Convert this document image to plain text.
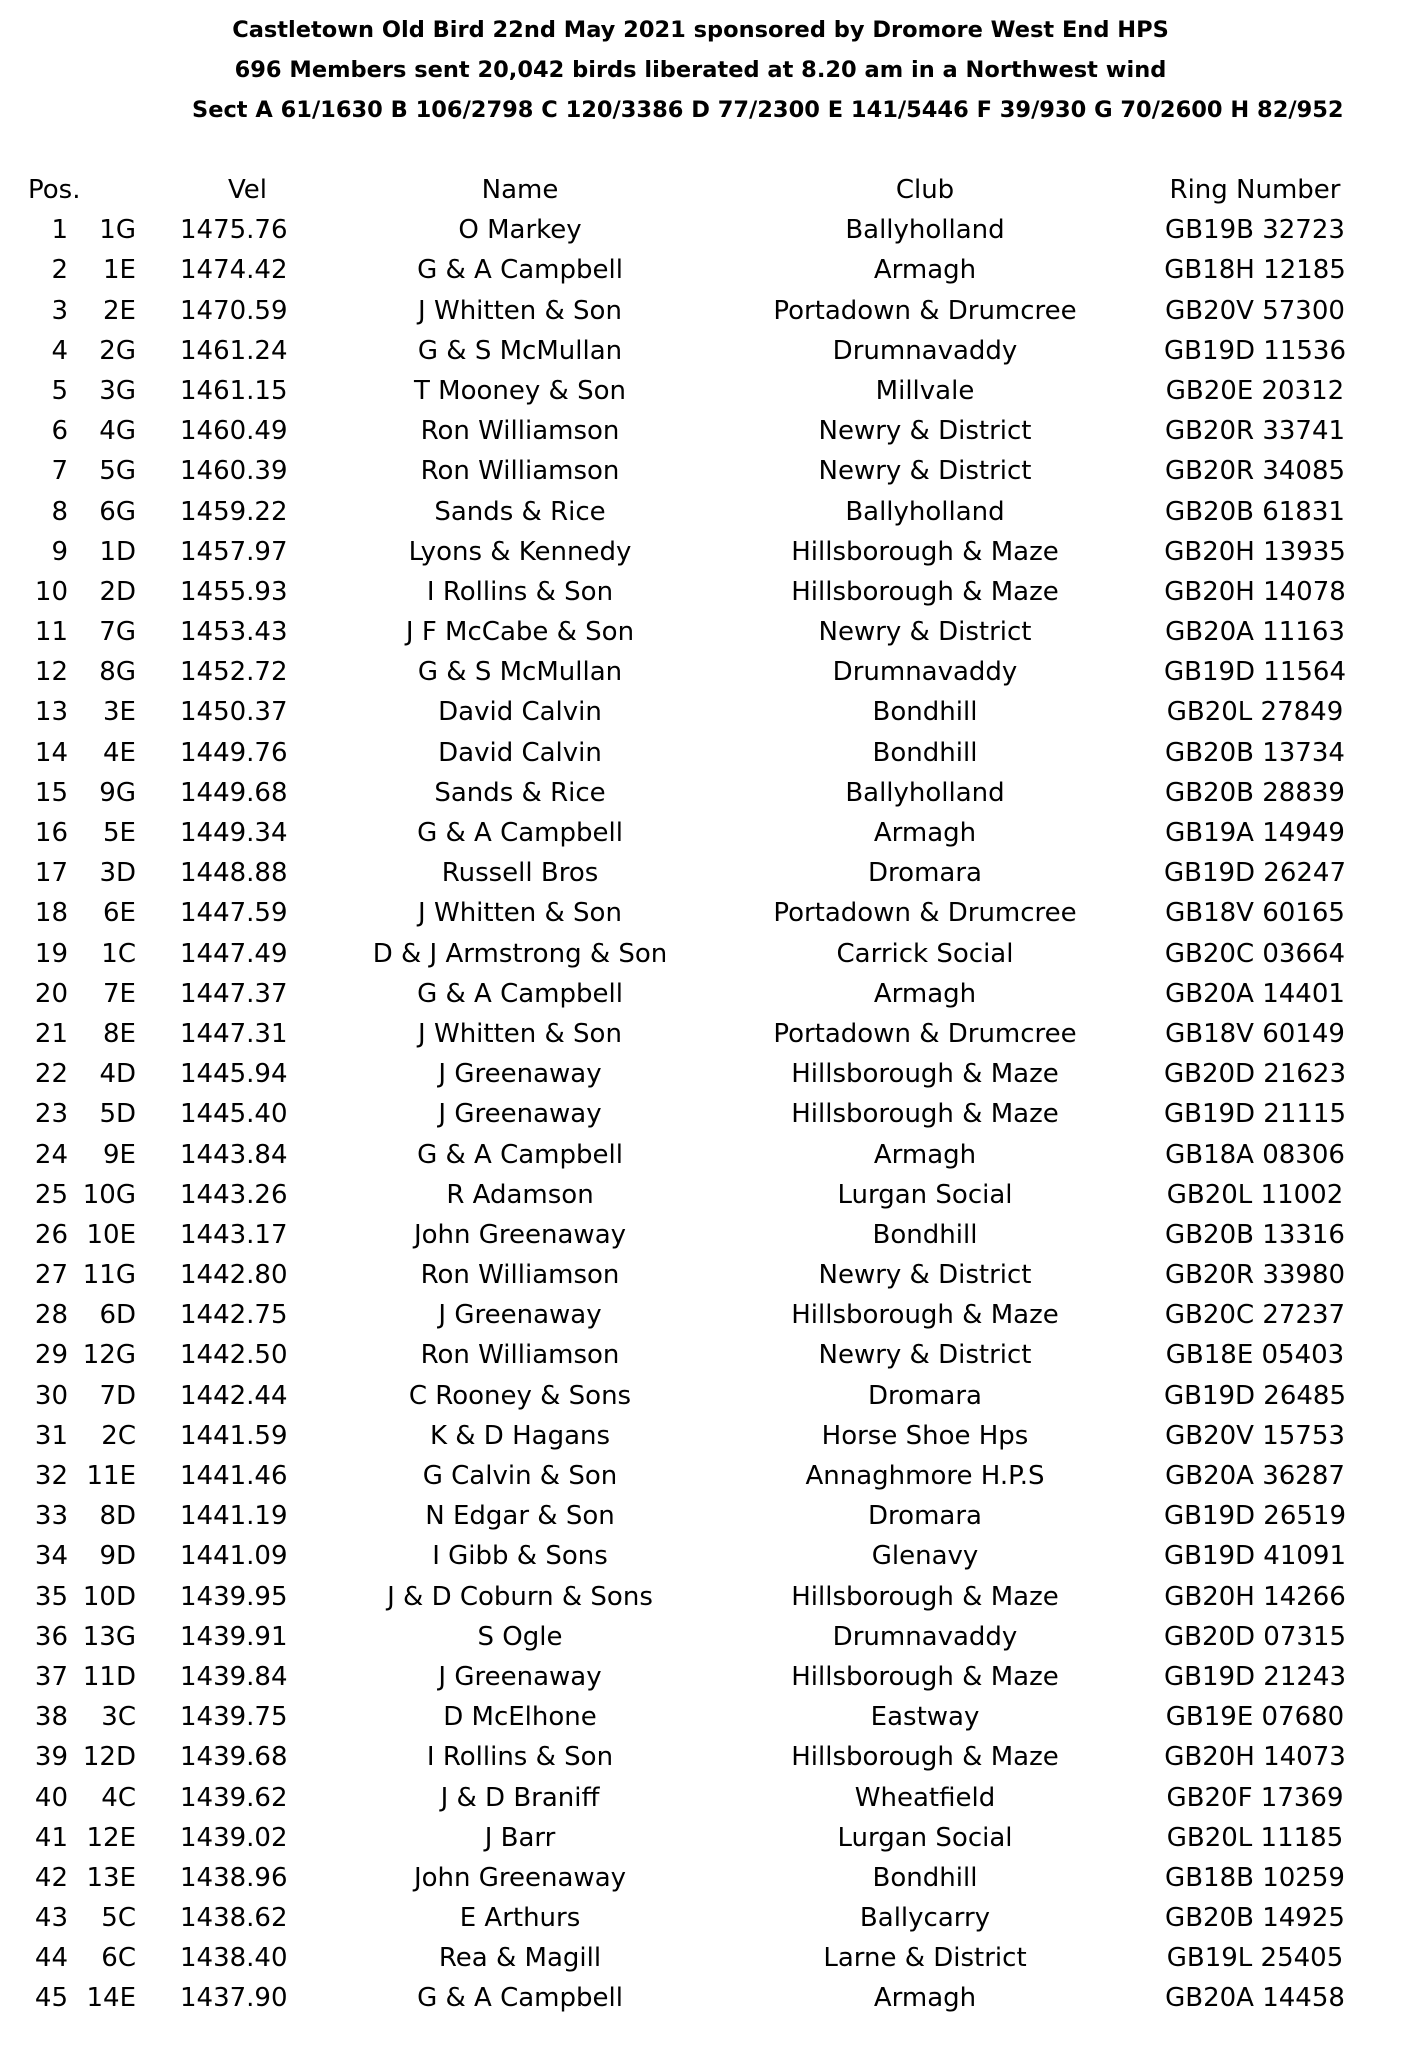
Castletown Old Bird 22nd May 2021 sponsored by Dromore West End HPS
696 Members sent 20,042 birds liberated at 8.20 am in a Northwest wind
Sect A 61/1630 B 106/2798 C 120/3386 D 77/2300 E 141/5446 F 39/930 G 70/2600 H 82/952
Pos.	Vel	Name	Club	Ring Number
1	1G 1475.76	O Markey	Ballyholland	GB19B 32723
2	1E 1474.42	G & A Campbell	Armagh	GB18H 12185
3	2E 1470.59	J Whitten & Son	Portadown & Drumcree	GB20V 57300
4	2G 1461.24	G & S McMullan	Drumnavaddy	GB19D 11536
5	3G 1461.15	T Mooney & Son	Millvale	GB20E 20312
6	4G 1460.49	Ron Williamson	Newry & District	GB20R 33741
7	5G 1460.39	Ron Williamson	Newry & District	GB20R 34085
8	6G 1459.22	Sands & Rice	Ballyholland	GB20B 61831
9	1D 1457.97	Lyons & Kennedy	Hillsborough & Maze	GB20H 13935
10	2D 1455.93	I Rollins & Son	Hillsborough & Maze	GB20H 14078
11	7G 1453.43	J F McCabe & Son	Newry & District	GB20A 11163
12	8G 1452.72	G & S McMullan	Drumnavaddy	GB19D 11564
13	3E 1450.37	David Calvin	Bondhill	GB20L 27849
14	4E 1449.76	David Calvin	Bondhill	GB20B 13734
15	9G 1449.68	Sands & Rice	Ballyholland	GB20B 28839
16	5E 1449.34	G & A Campbell	Armagh	GB19A 14949
17	3D 1448.88	Russell Bros	Dromara	GB19D 26247
18	6E 1447.59	J Whitten & Son	Portadown & Drumcree	GB18V 60165
19	1C 1447.49	D & J Armstrong & Son	Carrick Social	GB20C 03664
20	7E 1447.37	G & A Campbell	Armagh	GB20A 14401
21	8E 1447.31	J Whitten & Son	Portadown & Drumcree	GB18V 60149
22	4D 1445.94	J Greenaway	Hillsborough & Maze	GB20D 21623
23	5D 1445.40	J Greenaway	Hillsborough & Maze	GB19D 21115
24	9E 1443.84	G & A Campbell	Armagh	GB18A 08306
25 10G 1443.26	R Adamson	Lurgan Social	GB20L 11002
26 10E 1443.17	John Greenaway	Bondhill	GB20B 13316
27 11G 1442.80	Ron Williamson	Newry & District	GB20R 33980
28	6D 1442.75	J Greenaway	Hillsborough & Maze	GB20C 27237
29 12G 1442.50	Ron Williamson	Newry & District	GB18E 05403
30	7D 1442.44	C Rooney & Sons	Dromara	GB19D 26485
31	2C 1441.59	K & D Hagans	Horse Shoe Hps	GB20V 15753
32 11E 1441.46	G Calvin & Son	Annaghmore H.P.S	GB20A 36287
33	8D 1441.19	N Edgar & Son	Dromara	GB19D 26519
34	9D 1441.09	I Gibb & Sons	Glenavy	GB19D 41091
35 10D 1439.95	J & D Coburn & Sons	Hillsborough & Maze	GB20H 14266
36 13G 1439.91	S Ogle	Drumnavaddy	GB20D 07315
37 11D 1439.84	J Greenaway	Hillsborough & Maze	GB19D 21243
38	3C 1439.75	D McElhone	Eastway	GB19E 07680
39 12D 1439.68	I Rollins & Son	Hillsborough & Maze	GB20H 14073
40	4C 1439.62	J & D Braniff	Wheatfield	GB20F 17369
41 12E 1439.02	J Barr	Lurgan Social	GB20L 11185
42 13E 1438.96	John Greenaway	Bondhill	GB18B 10259
43	5C 1438.62	E Arthurs	Ballycarry	GB20B 14925
44	6C 1438.40	Rea & Magill	Larne & District	GB19L 25405
45 14E 1437.90	G & A Campbell	Armagh	GB20A 14458
